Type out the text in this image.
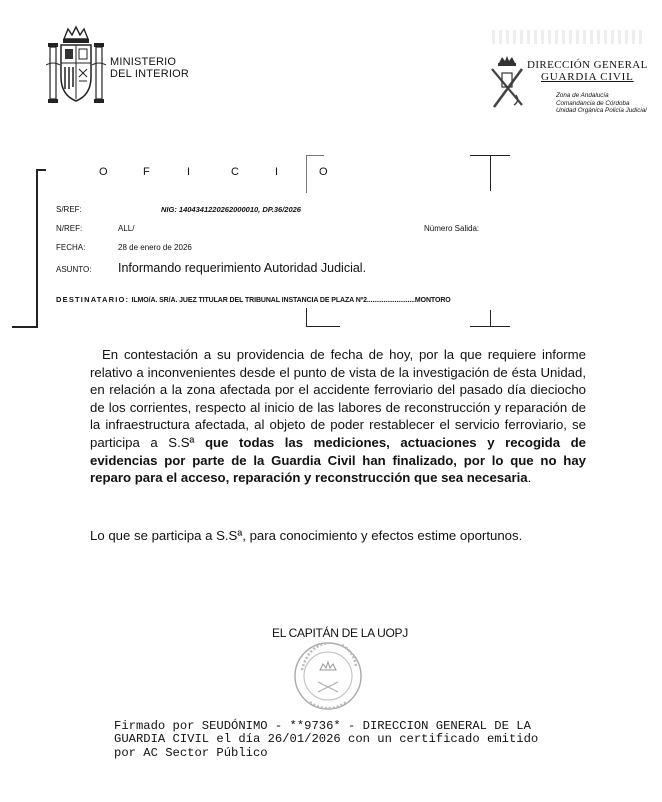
MINISTERIO
DEL INTERIOR
DIRECCIÓN GENERAL
GUARDIA CIVIL
Zona de Andalucía
Comandancia de Córdoba
Unidad Orgánica Policía Judicial
O	F	I	C	I	O
S/REF:	NIG: 1404341220262000010, DP.36/2026
N/REF:	ALL/	Número Salida:
FECHA:	28 de enero de 2026
ASUNTO: Informando requerimiento Autoridad Judicial.
DESTINATARIO: ILMO/A. SR/A. JUEZ TITULAR DEL TRIBUNAL INSTANCIA DE PLAZA Nº2..........................MONTORO
En contestación a su providencia de fecha de hoy, por la que requiere informe relativo a inconvenientes desde el punto de vista de la investigación de ésta Unidad, en relación a la zona afectada por el accidente ferroviario del pasado día dieciocho de los corrientes, respecto al inicio de las labores de reconstrucción y reparación de la infraestructura afectada, al objeto de poder restablecer el servicio ferroviario, se participa a S.Sª que todas las mediciones, actuaciones y recogida de evidencias por parte de la Guardia Civil han finalizado, por lo que no hay reparo para el acceso, reparación y reconstrucción que sea necesaria.
Lo que se participa a S.Sª, para conocimiento y efectos estime oportunos.
EL CAPITÁN DE LA UOPJ
Firmado por SEUDÓNIMO - **9736* - DIRECCION GENERAL DE LA
GUARDIA CIVIL el día 26/01/2026 con un certificado emitido
por AC Sector Público
